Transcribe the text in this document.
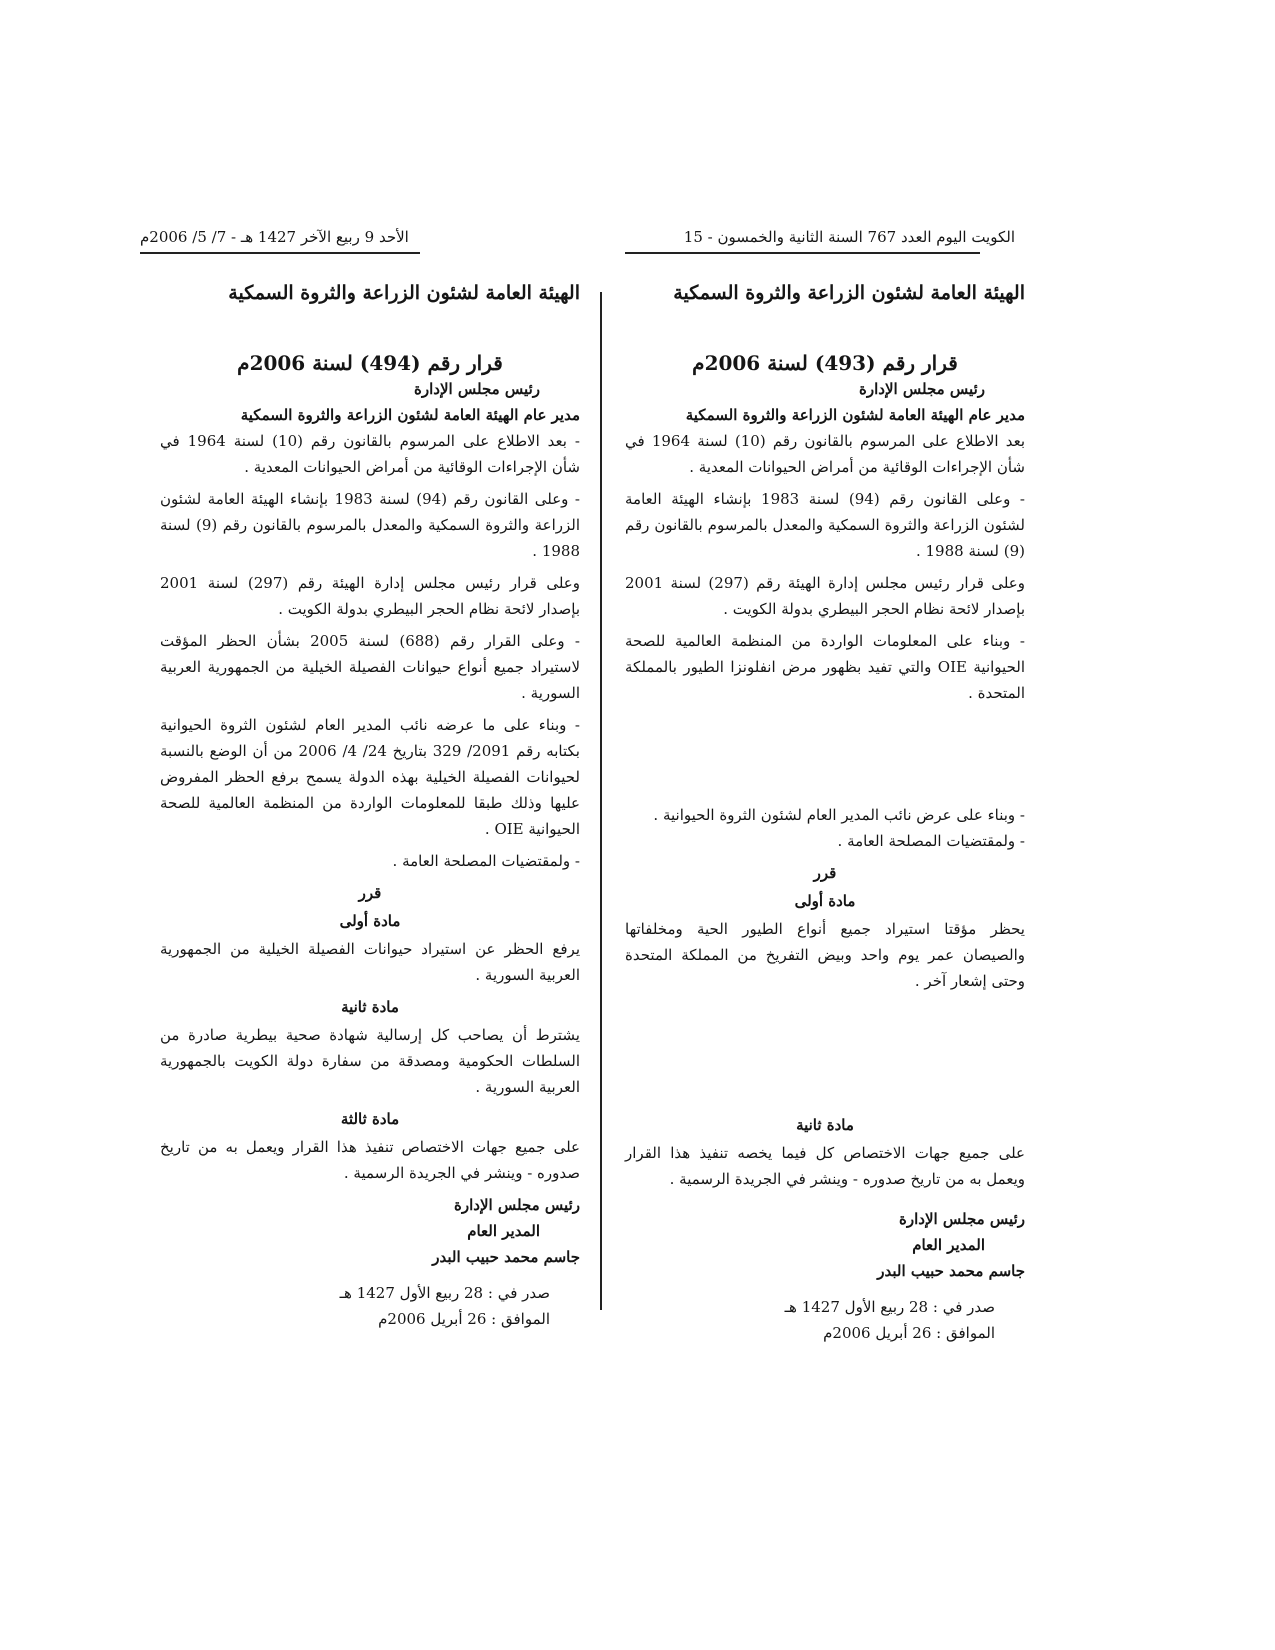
الكويت اليوم العدد 767 السنة الثانية والخمسون - 15
الأحد 9 ربيع الآخر 1427 هـ - 7/ 5/ 2006م
الهيئة العامة لشئون الزراعة والثروة السمكية
قرار رقم (494) لسنة 2006م
رئيس مجلس الإدارة
مدير عام الهيئة العامة لشئون الزراعة والثروة السمكية

- بعد الاطلاع على المرسوم بالقانون رقم (10) لسنة 1964 في شأن الإجراءات الوقائية من أمراض الحيوانات المعدية .

- وعلى القانون رقم (94) لسنة 1983 بإنشاء الهيئة العامة لشئون الزراعة والثروة السمكية والمعدل بالمرسوم بالقانون رقم (9) لسنة 1988 .

وعلى قرار رئيس مجلس إدارة الهيئة رقم (297) لسنة 2001 بإصدار لائحة نظام الحجر البيطري بدولة الكويت .

- وعلى القرار رقم (688) لسنة 2005 بشأن الحظر المؤقت لاستيراد جميع أنواع حيوانات الفصيلة الخيلية من الجمهورية العربية السورية .

- وبناء على ما عرضه نائب المدير العام لشئون الثروة الحيوانية بكتابه رقم 2091/ 329 بتاريخ 24/ 4/ 2006 من أن الوضع بالنسبة لحيوانات الفصيلة الخيلية بهذه الدولة يسمح برفع الحظر المفروض عليها وذلك طبقا للمعلومات الواردة من المنظمة العالمية للصحة الحيوانية OIE .

- ولمقتضيات المصلحة العامة .

قرر
مادة أولى

يرفع الحظر عن استيراد حيوانات الفصيلة الخيلية من الجمهورية العربية السورية .

مادة ثانية

يشترط أن يصاحب كل إرسالية شهادة صحية بيطرية صادرة من السلطات الحكومية ومصدقة من سفارة دولة الكويت بالجمهورية العربية السورية .

مادة ثالثة

على جميع جهات الاختصاص تنفيذ هذا القرار ويعمل به من تاريخ صدوره - وينشر في الجريدة الرسمية .

رئيس مجلس الإدارة
المدير العام
جاسم محمد حبيب البدر
صدر في : 28 ربيع الأول 1427 هـ
الموافق : 26 أبريل 2006م
الهيئة العامة لشئون الزراعة والثروة السمكية
قرار رقم (493) لسنة 2006م
رئيس مجلس الإدارة
مدير عام الهيئة العامة لشئون الزراعة والثروة السمكية

بعد الاطلاع على المرسوم بالقانون رقم (10) لسنة 1964 في شأن الإجراءات الوقائية من أمراض الحيوانات المعدية .

- وعلى القانون رقم (94) لسنة 1983 بإنشاء الهيئة العامة لشئون الزراعة والثروة السمكية والمعدل بالمرسوم بالقانون رقم (9) لسنة 1988 .

وعلى قرار رئيس مجلس إدارة الهيئة رقم (297) لسنة 2001 بإصدار لائحة نظام الحجر البيطري بدولة الكويت .

- وبناء على المعلومات الواردة من المنظمة العالمية للصحة الحيوانية OIE والتي تفيد بظهور مرض انفلونزا الطيور بالمملكة المتحدة .

- وبناء على عرض نائب المدير العام لشئون الثروة الحيوانية .

- ولمقتضيات المصلحة العامة .

قرر
مادة أولى

يحظر مؤقتا استيراد جميع أنواع الطيور الحية ومخلفاتها والصيصان عمر يوم واحد وبيض التفريخ من المملكة المتحدة وحتى إشعار آخر .

مادة ثانية

على جميع جهات الاختصاص كل فيما يخصه تنفيذ هذا القرار ويعمل به من تاريخ صدوره - وينشر في الجريدة الرسمية .

رئيس مجلس الإدارة
المدير العام
جاسم محمد حبيب البدر
صدر في : 28 ربيع الأول 1427 هـ
الموافق : 26 أبريل 2006م
